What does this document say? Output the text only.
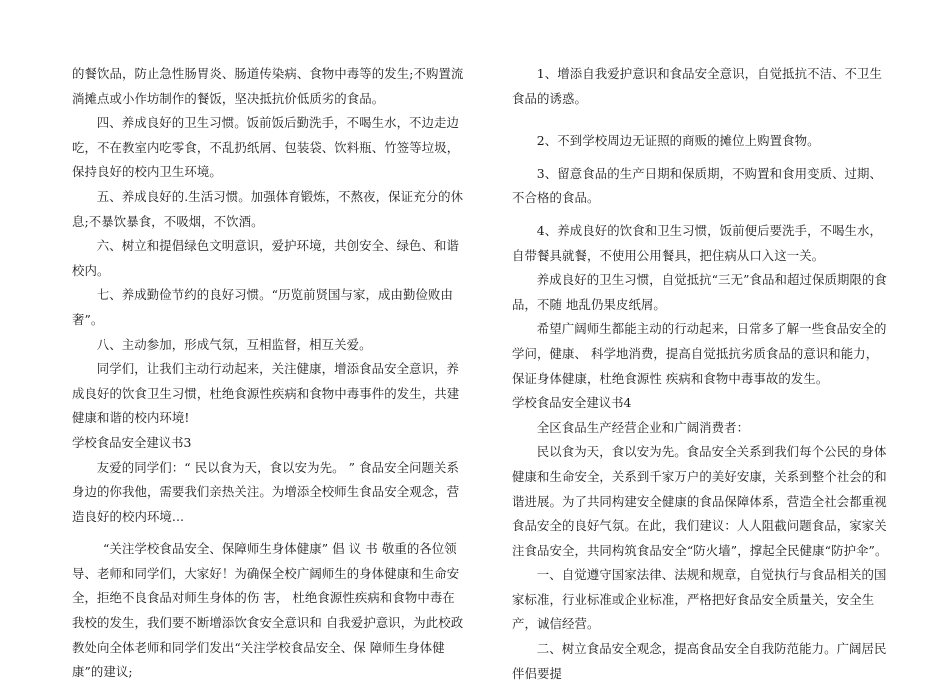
的餐饮品，防止急性肠胃炎、肠道传染病、食物中毒等的发生;不购置流淌摊点或小作坊制作的餐饭，坚决抵抗价低质劣的食品。

四、养成良好的卫生习惯。饭前饭后勤洗手，不喝生水，不边走边吃，不在教室内吃零食，不乱扔纸屑、包装袋、饮料瓶、竹签等垃圾，保持良好的校内卫生环境。

五、养成良好的.生活习惯。加强体育锻炼，不熬夜，保证充分的休息;不暴饮暴食，不吸烟，不饮酒。

六、树立和提倡绿色文明意识，爱护环境，共创安全、绿色、和谐校内。

七、养成勤俭节约的良好习惯。“历览前贤国与家，成由勤俭败由奢”。

八、主动参加，形成气氛，互相监督，相互关爱。

同学们，让我们主动行动起来，关注健康，增添食品安全意识，养成良好的饮食卫生习惯，杜绝食源性疾病和食物中毒事件的发生，共建健康和谐的校内环境!

学校食品安全建议书3

友爱的同学们：“ 民以食为天，食以安为先。 ” 食品安全问题关系身边的你我他，需要我们亲热关注。为增添全校师生食品安全观念，营造良好的校内环境...

“关注学校食品安全、保障师生身体健康” 倡 议 书 敬重的各位领导、老师和同学们，大家好！为确保全校广阔师生的身体健康和生命安全，拒绝不良食品对师生身体的伤 害， 杜绝食源性疾病和食物中毒在我校的发生，我们要不断增添饮食安全意识和 自我爱护意识，为此校政教处向全体老师和同学们发出“关注学校食品安全、保 障师生身体健康”的建议;

1、增添自我爱护意识和食品安全意识，自觉抵抗不洁、不卫生食品的诱惑。

2、不到学校周边无证照的商贩的摊位上购置食物。

3、留意食品的生产日期和保质期，不购置和食用变质、过期、不合格的食品。

4、养成良好的饮食和卫生习惯，饭前便后要洗手，不喝生水，自带餐具就餐，不使用公用餐具，把住病从口入这一关。

养成良好的卫生习惯，自觉抵抗“三无”食品和超过保质期限的食品，不随 地乱仍果皮纸屑。

希望广阔师生都能主动的行动起来，日常多了解一些食品安全的学问，健康、 科学地消费，提高自觉抵抗劣质食品的意识和能力，保证身体健康，杜绝食源性 疾病和食物中毒事故的发生。

学校食品安全建议书4

全区食品生产经营企业和广阔消费者：

民以食为天，食以安为先。食品安全关系到我们每个公民的身体健康和生命安全，关系到千家万户的美好安康，关系到整个社会的和谐进展。为了共同构建安全健康的食品保障体系，营造全社会都重视食品安全的良好气氛。在此，我们建议：人人阻截问题食品，家家关注食品安全，共同构筑食品安全“防火墙”，撑起全民健康“防护伞”。

一、自觉遵守国家法律、法规和规章，自觉执行与食品相关的国家标准，行业标准或企业标准，严格把好食品安全质量关，安全生产，诚信经营。

二、树立食品安全观念，提高食品安全自我防范能力。广阔居民伴侣要提
